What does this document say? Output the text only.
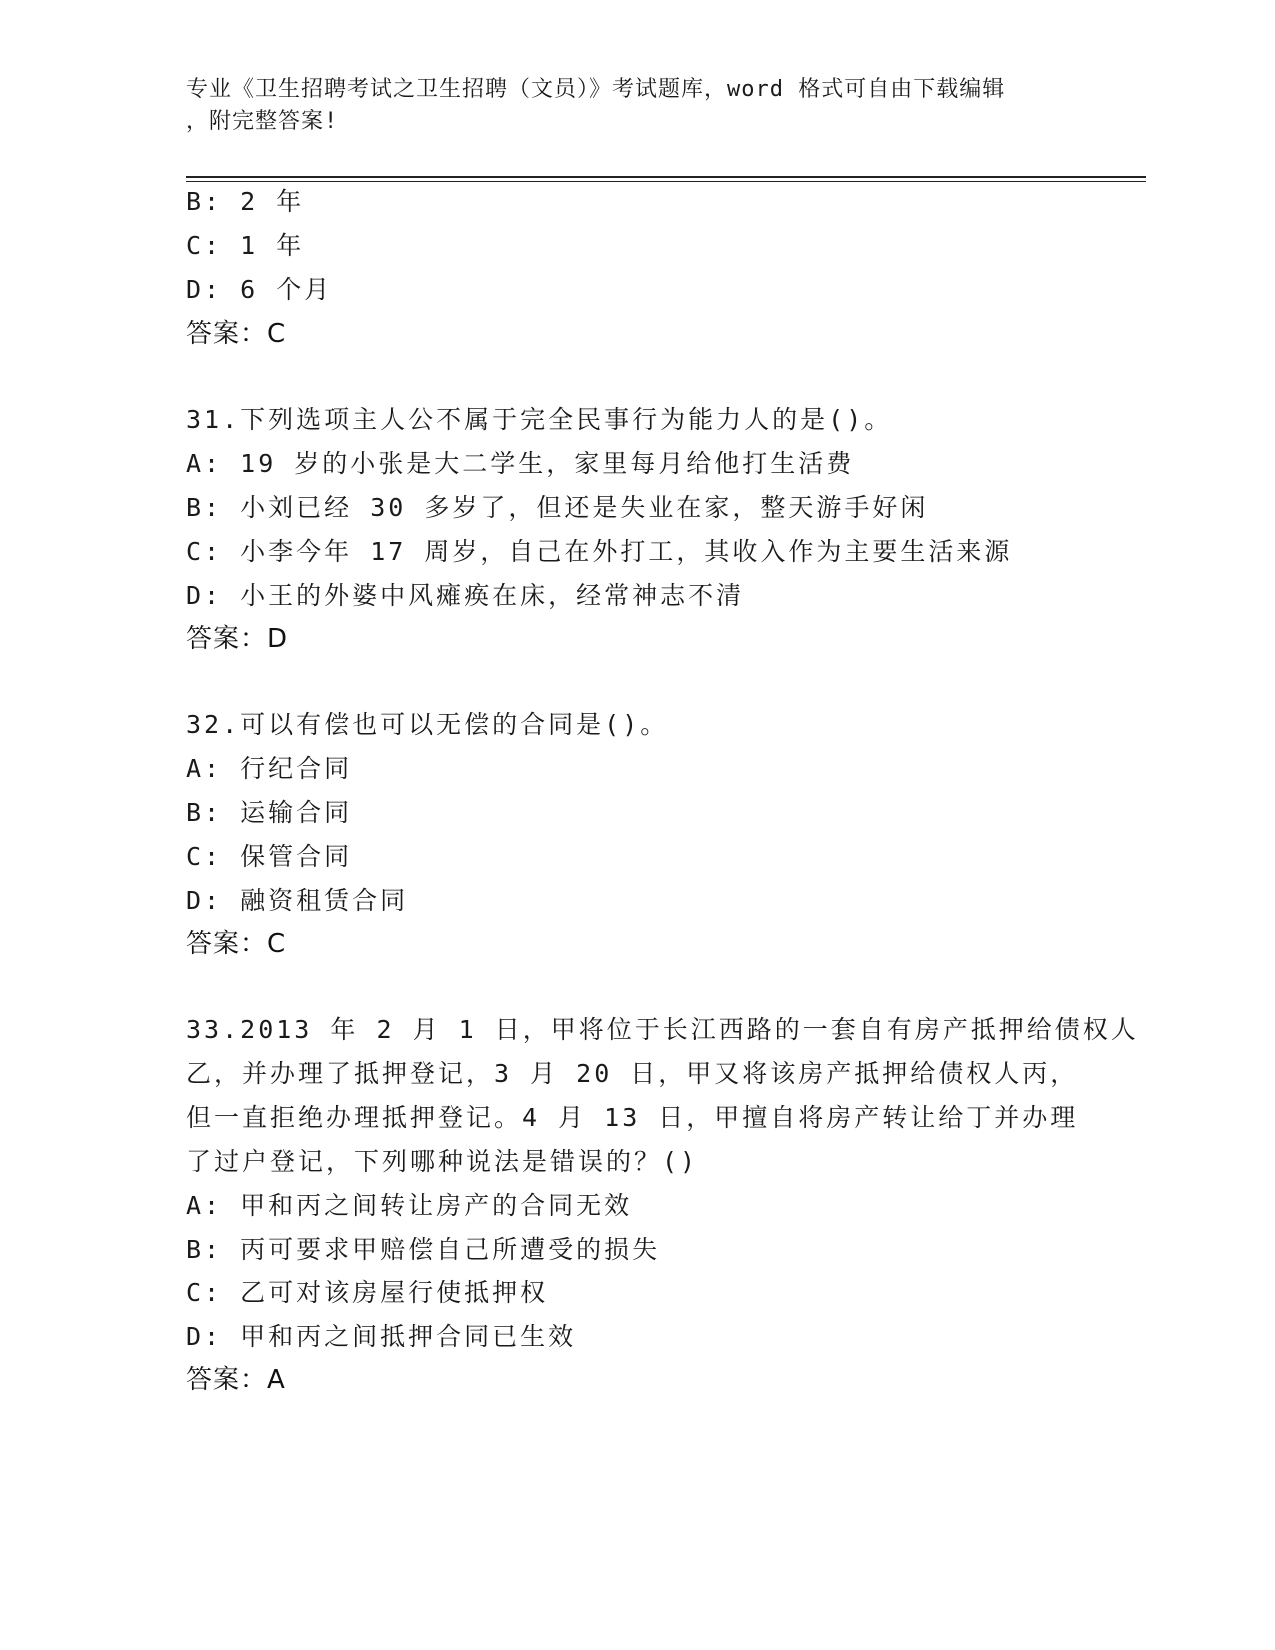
专业《卫生招聘考试之卫生招聘（文员）》考试题库，word 格式可自由下载编辑
，附完整答案!
B: 2 年
C: 1 年
D: 6 个月
答案：C
31.下列选项主人公不属于完全民事行为能力人的是()。
A: 19 岁的小张是大二学生，家里每月给他打生活费
B: 小刘已经 30 多岁了，但还是失业在家，整天游手好闲
C: 小李今年 17 周岁，自己在外打工，其收入作为主要生活来源
D: 小王的外婆中风瘫痪在床，经常神志不清
答案：D
32.可以有偿也可以无偿的合同是()。
A: 行纪合同
B: 运输合同
C: 保管合同
D: 融资租赁合同
答案：C
33.2013 年 2 月 1 日，甲将位于长江西路的一套自有房产抵押给债权人
乙，并办理了抵押登记，3 月 20 日，甲又将该房产抵押给债权人丙，
但一直拒绝办理抵押登记。4 月 13 日，甲擅自将房产转让给丁并办理
了过户登记，下列哪种说法是错误的？()
A: 甲和丙之间转让房产的合同无效
B: 丙可要求甲赔偿自己所遭受的损失
C: 乙可对该房屋行使抵押权
D: 甲和丙之间抵押合同已生效
答案：A
